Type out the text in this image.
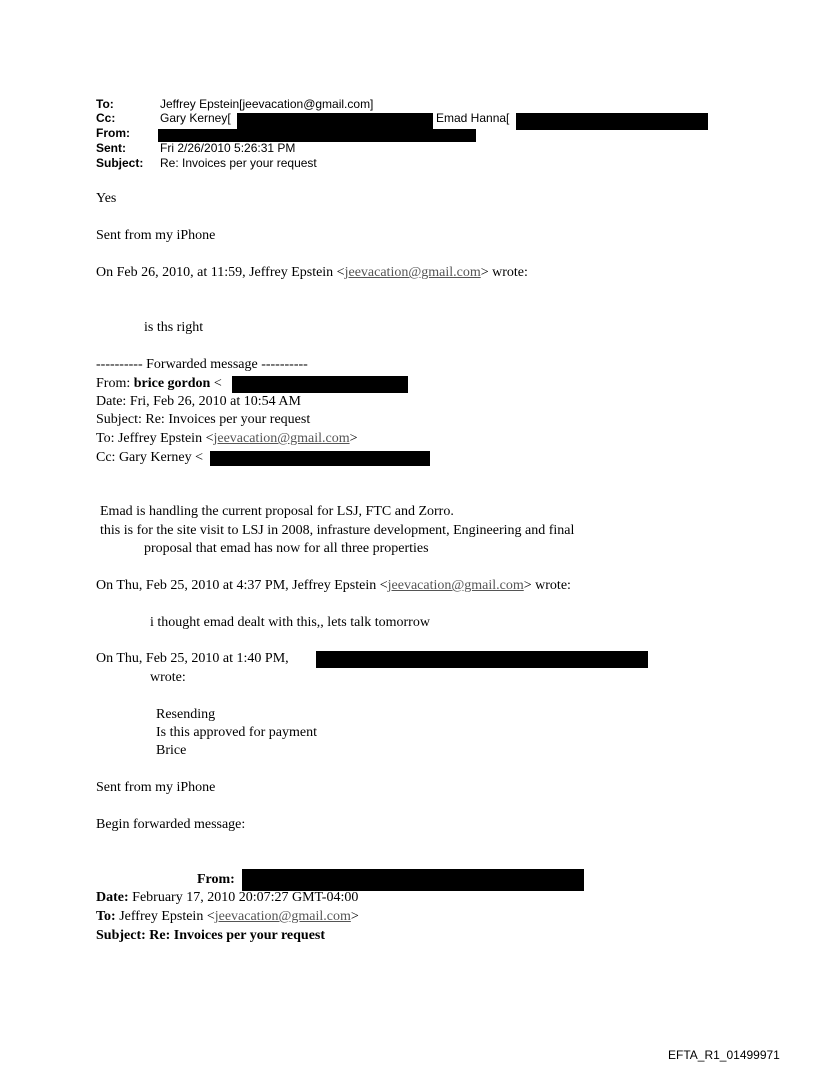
To:	Jeffrey Epstein[jeevacation@gmail.com]
Cc:	Gary Kerney[	Emad Hanna[
From:
Sent:	Fri 2/26/2010 5:26:31 PM
Subject: Re: Invoices per your request
Yes
Sent from my iPhone
On Feb 26, 2010, at 11:59, Jeffrey Epstein <jeevacation@gmail.com> wrote:
is ths right
---------- Forwarded message ----------
From: brice gordon <
Date: Fri, Feb 26, 2010 at 10:54 AM
Subject: Re: Invoices per your request
To: Jeffrey Epstein <jeevacation@gmail.com>
Cc: Gary Kerney <
Emad is handling the current proposal for LSJ, FTC and Zorro.
this is for the site visit to LSJ in 2008, infrasture development, Engineering and final
proposal that emad has now for all three properties
On Thu, Feb 25, 2010 at 4:37 PM, Jeffrey Epstein <jeevacation@gmail.com> wrote:
i thought emad dealt with this,, lets talk tomorrow
On Thu, Feb 25, 2010 at 1:40 PM,
wrote:
Resending
Is this approved for payment
Brice
Sent from my iPhone
Begin forwarded message:
From:
Date: February 17, 2010 20:07:27 GMT-04:00
To: Jeffrey Epstein <jeevacation@gmail.com>
Subject: Re: Invoices per your request
EFTA_R1_01499971
